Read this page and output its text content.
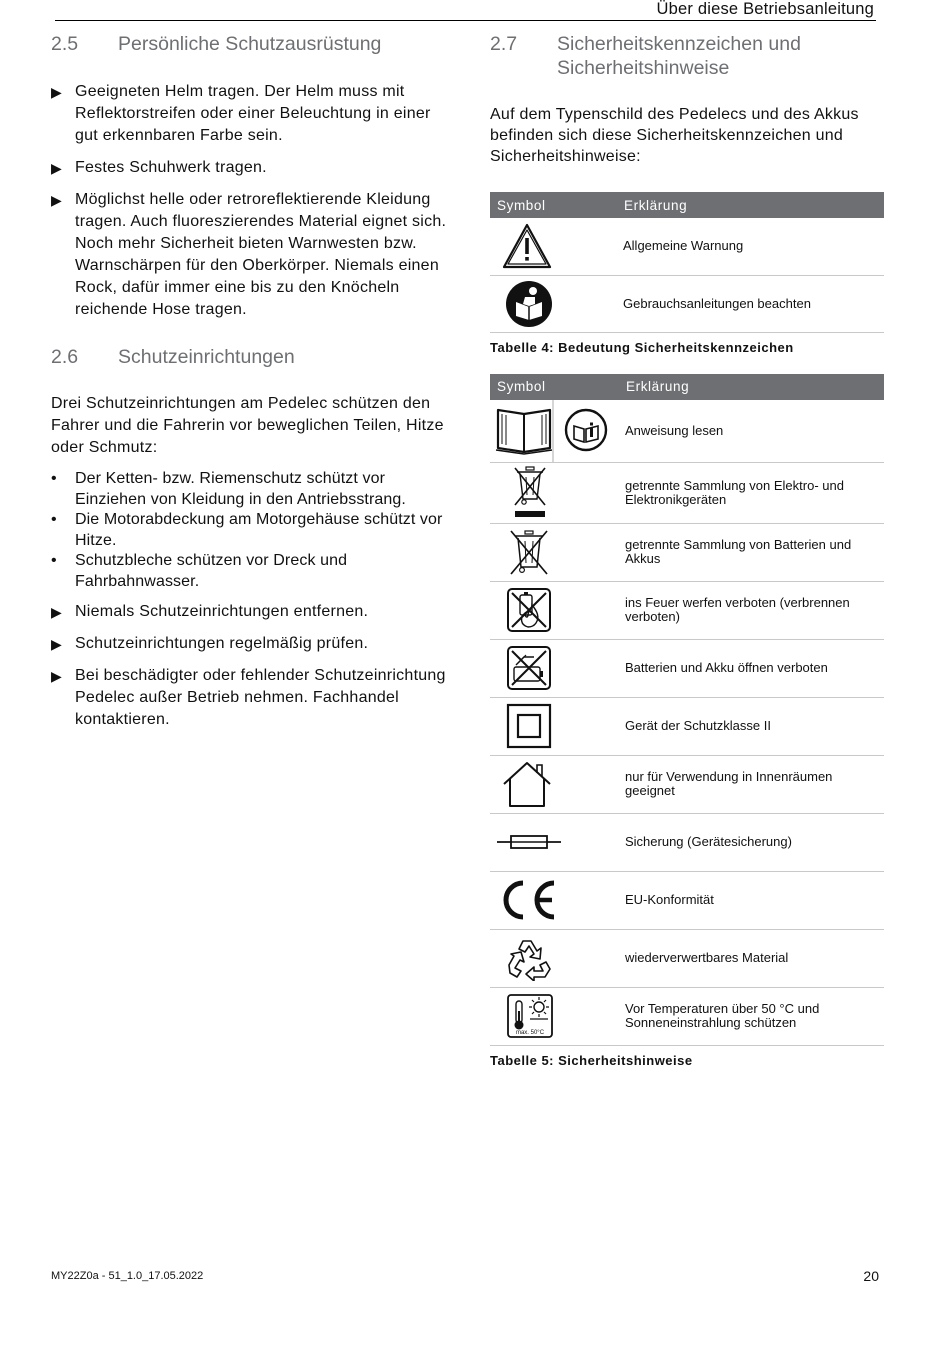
Über diese Betriebsanleitung
2.5	Persönliche Schutzausrüstung
▶ Geeigneten Helm tragen. Der Helm muss mit Reflektorstreifen oder einer Beleuchtung in einer gut erkennbaren Farbe sein.
▶ Festes Schuhwerk tragen.
▶ Möglichst helle oder retroreflektierende Kleidung tragen. Auch fluoreszierendes Material eignet sich. Noch mehr Sicherheit bieten Warnwesten bzw. Warnschärpen für den Oberkörper. Niemals einen Rock, dafür immer eine bis zu den Knöcheln reichende Hose tragen.
2.6	Schutzeinrichtungen

Drei Schutzeinrichtungen am Pedelec schützen den Fahrer und die Fahrerin vor beweglichen Teilen, Hitze oder Schmutz:

•	Der Ketten- bzw. Riemenschutz schützt vor Einziehen von Kleidung in den Antriebsstrang.
•	Die Motorabdeckung am Motorgehäuse schützt vor Hitze.
•	Schutzbleche schützen vor Dreck und Fahrbahnwasser.
▶ Niemals Schutzeinrichtungen entfernen.
▶ Schutzeinrichtungen regelmäßig prüfen.
▶ Bei beschädigter oder fehlender Schutzeinrichtung Pedelec außer Betrieb nehmen. Fachhandel kontaktieren.
2.7	Sicherheitskennzeichen und Sicherheitshinweise

Auf dem Typenschild des Pedelecs und des Akkus befinden sich diese Sicherheitskennzeichen und Sicherheitshinweise:

Symbol	Erklärung

	Allgemeine Warnung

	Gebrauchsanleitungen beachten
Tabelle 4: Bedeutung Sicherheitskennzeichen
Symbol	Erklärung

	Anweisung lesen

	getrennte Sammlung von Elektro- und Elektronikgeräten

	getrennte Sammlung von Batterien und Akkus

	ins Feuer werfen verboten (verbrennen verboten)

	Batterien und Akku öffnen verboten

	Gerät der Schutzklasse II

	nur für Verwendung in Innenräumen geeignet

	Sicherung (Gerätesicherung)

	EU-Konformität

	wiederverwertbares Material

max. 50°C	Vor Temperaturen über 50 °C und Sonneneinstrahlung schützen
Tabelle 5: Sicherheitshinweise
MY22Z0a - 51_1.0_17.05.2022	20
